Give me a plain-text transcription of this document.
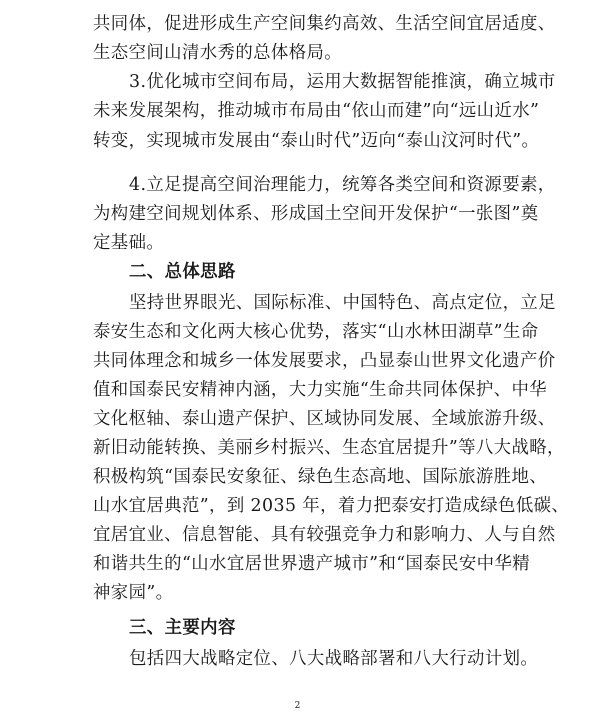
共同体，促进形成生产空间集约高效、生活空间宜居适度、
生态空间山清水秀的总体格局。
3.优化城市空间布局，运用大数据智能推演，确立城市
未来发展架构，推动城市布局由“依山而建”向“远山近水”
转变，实现城市发展由“泰山时代”迈向“泰山汶河时代”。
4.立足提高空间治理能力，统筹各类空间和资源要素，
为构建空间规划体系、形成国土空间开发保护“一张图”奠
定基础。
二、总体思路
坚持世界眼光、国际标准、中国特色、高点定位，立足
泰安生态和文化两大核心优势，落实“山水林田湖草”生命
共同体理念和城乡一体发展要求，凸显泰山世界文化遗产价
值和国泰民安精神内涵，大力实施“生命共同体保护、中华
文化枢轴、泰山遗产保护、区域协同发展、全域旅游升级、
新旧动能转换、美丽乡村振兴、生态宜居提升”等八大战略，
积极构筑“国泰民安象征、绿色生态高地、国际旅游胜地、
山水宜居典范”，到 2035 年，着力把泰安打造成绿色低碳、
宜居宜业、信息智能、具有较强竞争力和影响力、人与自然
和谐共生的“山水宜居世界遗产城市”和“国泰民安中华精
神家园”。
三、主要内容
包括四大战略定位、八大战略部署和八大行动计划。
2
